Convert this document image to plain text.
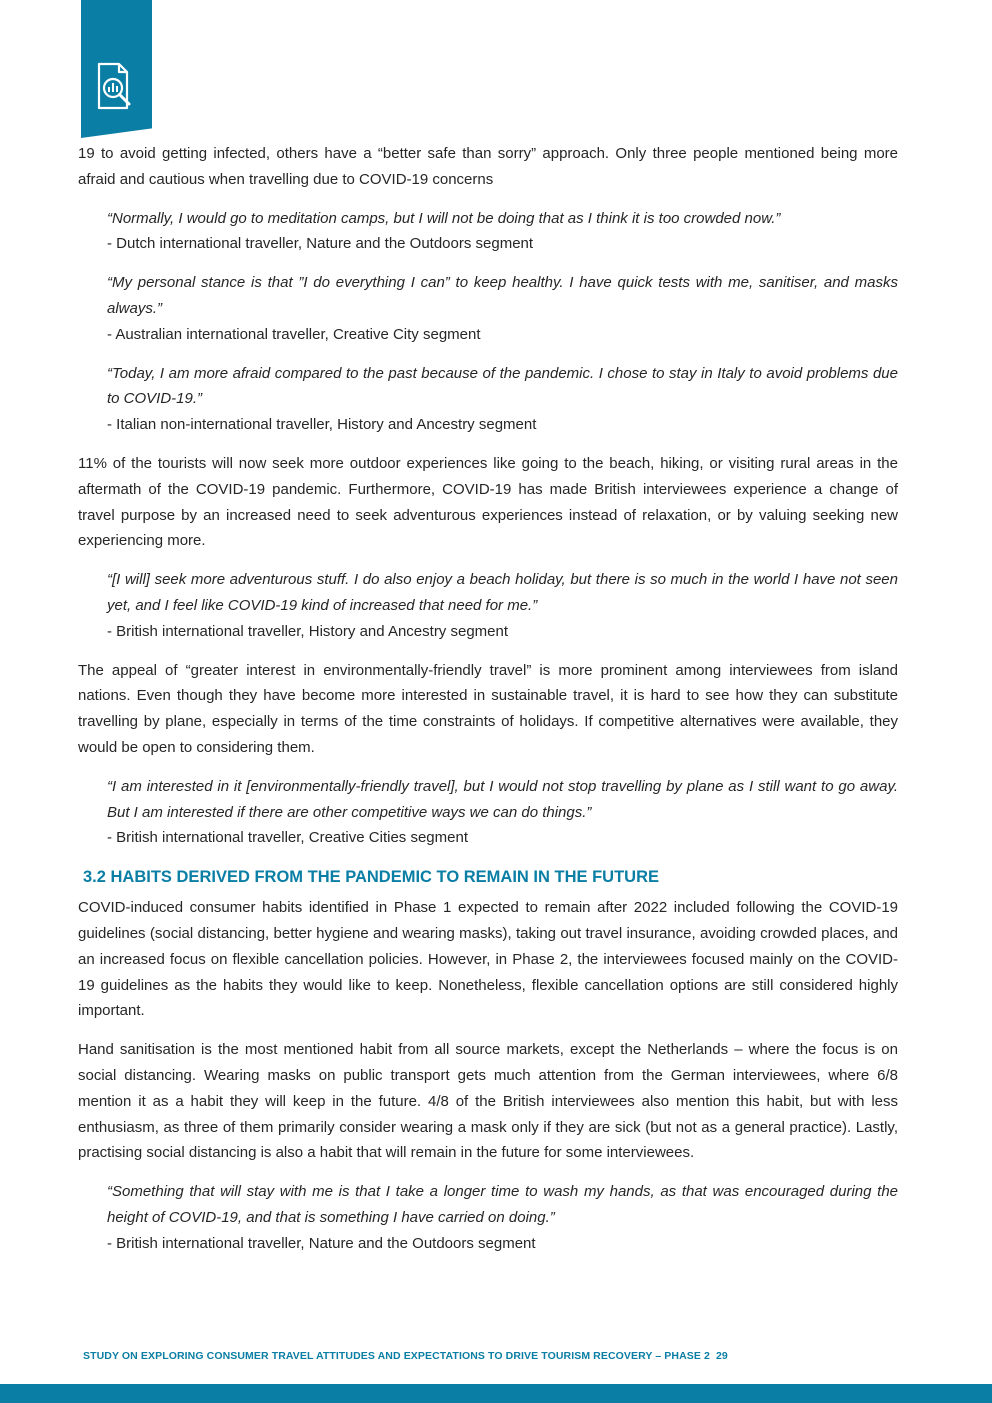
19 to avoid getting infected, others have a “better safe than sorry” approach. Only three people mentioned being more afraid and cautious when travelling due to COVID-19 concerns

“Normally, I would go to meditation camps, but I will not be doing that as I think it is too crowded now.”

- Dutch international traveller, Nature and the Outdoors segment

“My personal stance is that ”I do everything I can” to keep healthy. I have quick tests with me, sanitiser, and masks always.”

- Australian international traveller, Creative City segment

“Today, I am more afraid compared to the past because of the pandemic. I chose to stay in Italy to avoid problems due to COVID-19.”

- Italian non-international traveller, History and Ancestry segment

11% of the tourists will now seek more outdoor experiences like going to the beach, hiking, or visiting rural areas in the aftermath of the COVID-19 pandemic. Furthermore, COVID-19 has made British interviewees experience a change of travel purpose by an increased need to seek adventurous experiences instead of relaxation, or by valuing seeking new experiencing more.

“[I will] seek more adventurous stuff. I do also enjoy a beach holiday, but there is so much in the world I have not seen yet, and I feel like COVID-19 kind of increased that need for me.”

- British international traveller, History and Ancestry segment

The appeal of “greater interest in environmentally-friendly travel” is more prominent among interviewees from island nations. Even though they have become more interested in sustainable travel, it is hard to see how they can substitute travelling by plane, especially in terms of the time constraints of holidays. If competitive alternatives were available, they would be open to considering them.

“I am interested in it [environmentally-friendly travel], but I would not stop travelling by plane as I still want to go away. But I am interested if there are other competitive ways we can do things.”

- British international traveller, Creative Cities segment

3.2 HABITS DERIVED FROM THE PANDEMIC TO REMAIN IN THE FUTURE

COVID-induced consumer habits identified in Phase 1 expected to remain after 2022 included following the COVID-19 guidelines (social distancing, better hygiene and wearing masks), taking out travel insurance, avoiding crowded places, and an increased focus on flexible cancellation policies. However, in Phase 2, the interviewees focused mainly on the COVID-19 guidelines as the habits they would like to keep. Nonetheless, flexible cancellation options are still considered highly important.

Hand sanitisation is the most mentioned habit from all source markets, except the Netherlands – where the focus is on social distancing. Wearing masks on public transport gets much attention from the German interviewees, where 6/8 mention it as a habit they will keep in the future. 4/8 of the British interviewees also mention this habit, but with less enthusiasm, as three of them primarily consider wearing a mask only if they are sick (but not as a general practice). Lastly, practising social distancing is also a habit that will remain in the future for some interviewees.

“Something that will stay with me is that I take a longer time to wash my hands, as that was encouraged during the height of COVID-19, and that is something I have carried on doing.”

- British international traveller, Nature and the Outdoors segment

STUDY ON EXPLORING CONSUMER TRAVEL ATTITUDES AND EXPECTATIONS TO DRIVE TOURISM RECOVERY – PHASE 2 29
